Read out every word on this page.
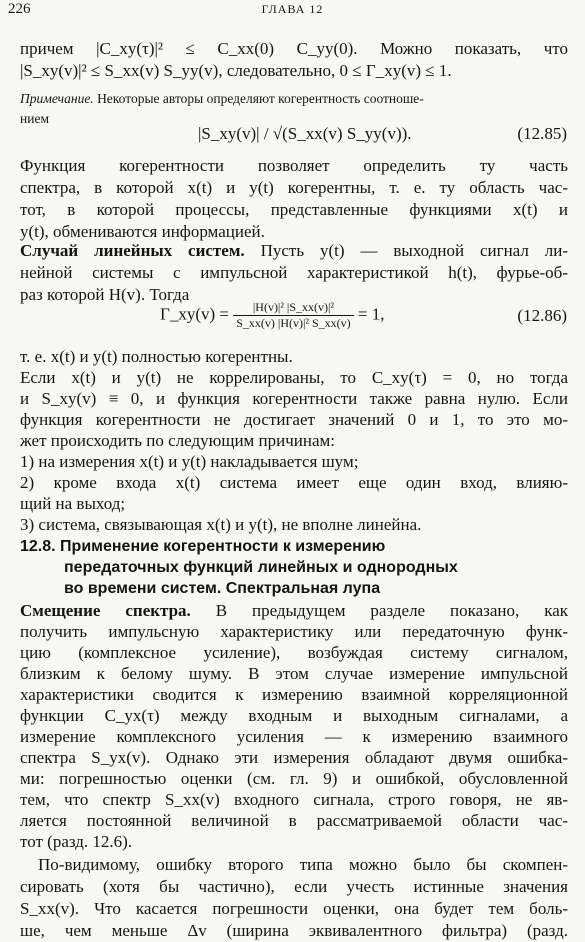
226	ГЛАВА 12
причем |C_xy(τ)|² ≤ C_xx(0) C_yy(0). Можно показать, что
|S_xy(v)|² ≤ S_xx(v) S_yy(v), следовательно, 0 ≤ Γ_xy(v) ≤ 1.
Примечание. Некоторые авторы определяют когерентность соотноше-
нием
|S_xy(v)| / √(S_xx(v) S_yy(v)).	(12.85)
Функция когерентности позволяет определить ту часть
спектра, в которой x(t) и y(t) когерентны, т. е. ту область час-
тот, в которой процессы, представленные функциями x(t) и
y(t), обмениваются информацией.
Случай линейных систем. Пусть y(t) — выходной сигнал ли-
нейной системы с импульсной характеристикой h(t), фурье-об-
раз которой H(v). Тогда
Γ_xy(v) = $\frac{\text{|H(v)|² |S\_xx(v)|²}}{\text{S\_xx(v) |H(v)|² S\_xx(v)}} = 1$,	(12.86)
т. е. x(t) и y(t) полностью когерентны.
Если x(t) и y(t) не коррелированы, то C_xy(τ) = 0, но тогда
и S_xy(v) ≡ 0, и функция когерентности также равна нулю. Если
функция когерентности не достигает значений 0 и 1, то это мо-
жет происходить по следующим причинам:
1) на измерения x(t) и y(t) накладывается шум;
2) кроме входа x(t) система имеет еще один вход, влияю-
щий на выход;
3) система, связывающая x(t) и y(t), не вполне линейна.
12.8. Применение когерентности к измерению
передаточных функций линейных и однородных
во времени систем. Спектральная лупа
Смещение спектра. В предыдущем разделе показано, как
получить импульсную характеристику или передаточную функ-
цию (комплексное усиление), возбуждая систему сигналом,
близким к белому шуму. В этом случае измерение импульсной
характеристики сводится к измерению взаимной корреляционной
функции C_yx(τ) между входным и выходным сигналами, а
измерение комплексного усиления — к измерению взаимного
спектра S_yx(v). Однако эти измерения обладают двумя ошибка-
ми: погрешностью оценки (см. гл. 9) и ошибкой, обусловленной
тем, что спектр S_xx(v) входного сигнала, строго говоря, не яв-
ляется постоянной величиной в рассматриваемой области час-
тот (разд. 12.6).
По-видимому, ошибку второго типа можно было бы скомпен-
сировать (хотя бы частично), если учесть истинные значения
S_xx(v). Что касается погрешности оценки, она будет тем боль-
ше, чем меньше Δv (ширина эквивалентного фильтра) (разд.
